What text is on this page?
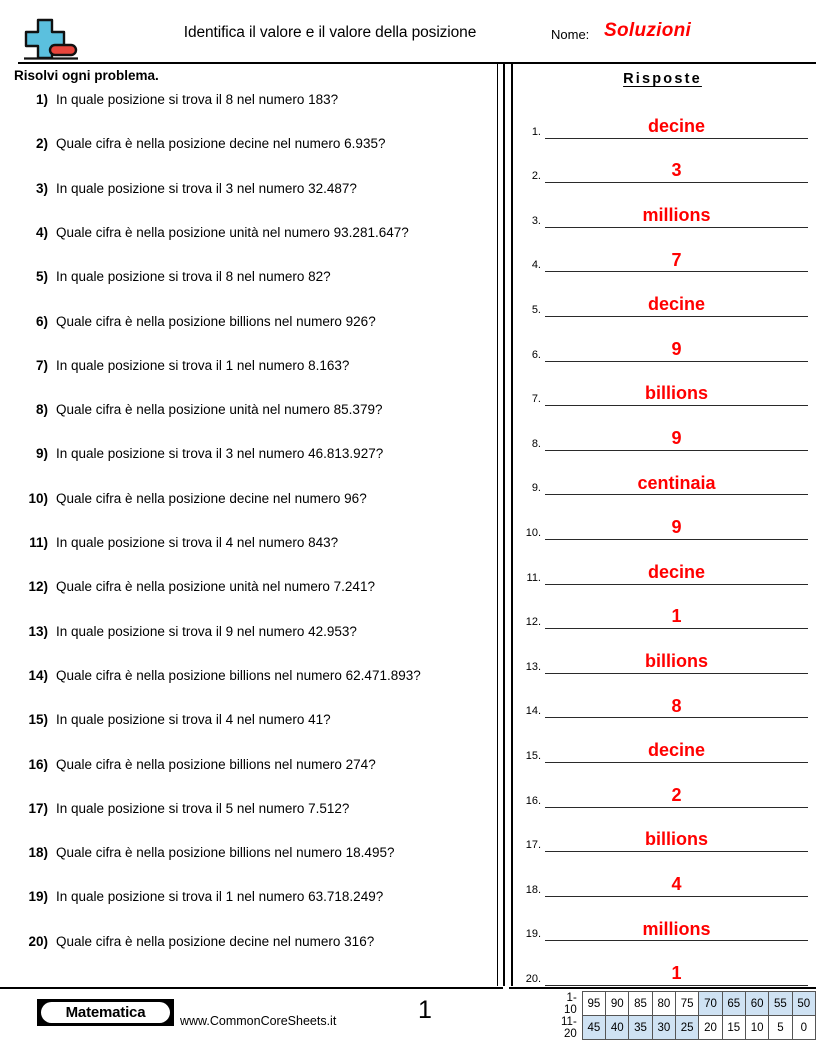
Identifica il valore e il valore della posizione	Nome: Soluzioni
Risolvi ogni problema.
1) In quale posizione si trova il 8 nel numero 183?
2) Quale cifra è nella posizione decine nel numero 6.935?
3) In quale posizione si trova il 3 nel numero 32.487?
4) Quale cifra è nella posizione unità nel numero 93.281.647?
5) In quale posizione si trova il 8 nel numero 82?
6) Quale cifra è nella posizione billions nel numero 926?
7) In quale posizione si trova il 1 nel numero 8.163?
8) Quale cifra è nella posizione unità nel numero 85.379?
9) In quale posizione si trova il 3 nel numero 46.813.927?
10) Quale cifra è nella posizione decine nel numero 96?
11) In quale posizione si trova il 4 nel numero 843?
12) Quale cifra è nella posizione unità nel numero 7.241?
13) In quale posizione si trova il 9 nel numero 42.953?
14) Quale cifra è nella posizione billions nel numero 62.471.893?
15) In quale posizione si trova il 4 nel numero 41?
16) Quale cifra è nella posizione billions nel numero 274?
17) In quale posizione si trova il 5 nel numero 7.512?
18) Quale cifra è nella posizione billions nel numero 18.495?
19) In quale posizione si trova il 1 nel numero 63.718.249?
20) Quale cifra è nella posizione decine nel numero 316?
Risposte
1.	decine
2.	3
3.	millions
4.	7
5.	decine
6.	9
7.	billions
8.	9
9.	centinaia
10.	9
11.	decine
12.	1
13.	billions
14.	8
15.	decine
16.	2
17.	billions
18.	4
19.	millions
20.	1
Matematica	www.CommonCoreSheets.it	1	1-10	95	90	85	80	75	70	65	60	55	50
11-20	45	40	35	30	25	20	15	10	5	0
